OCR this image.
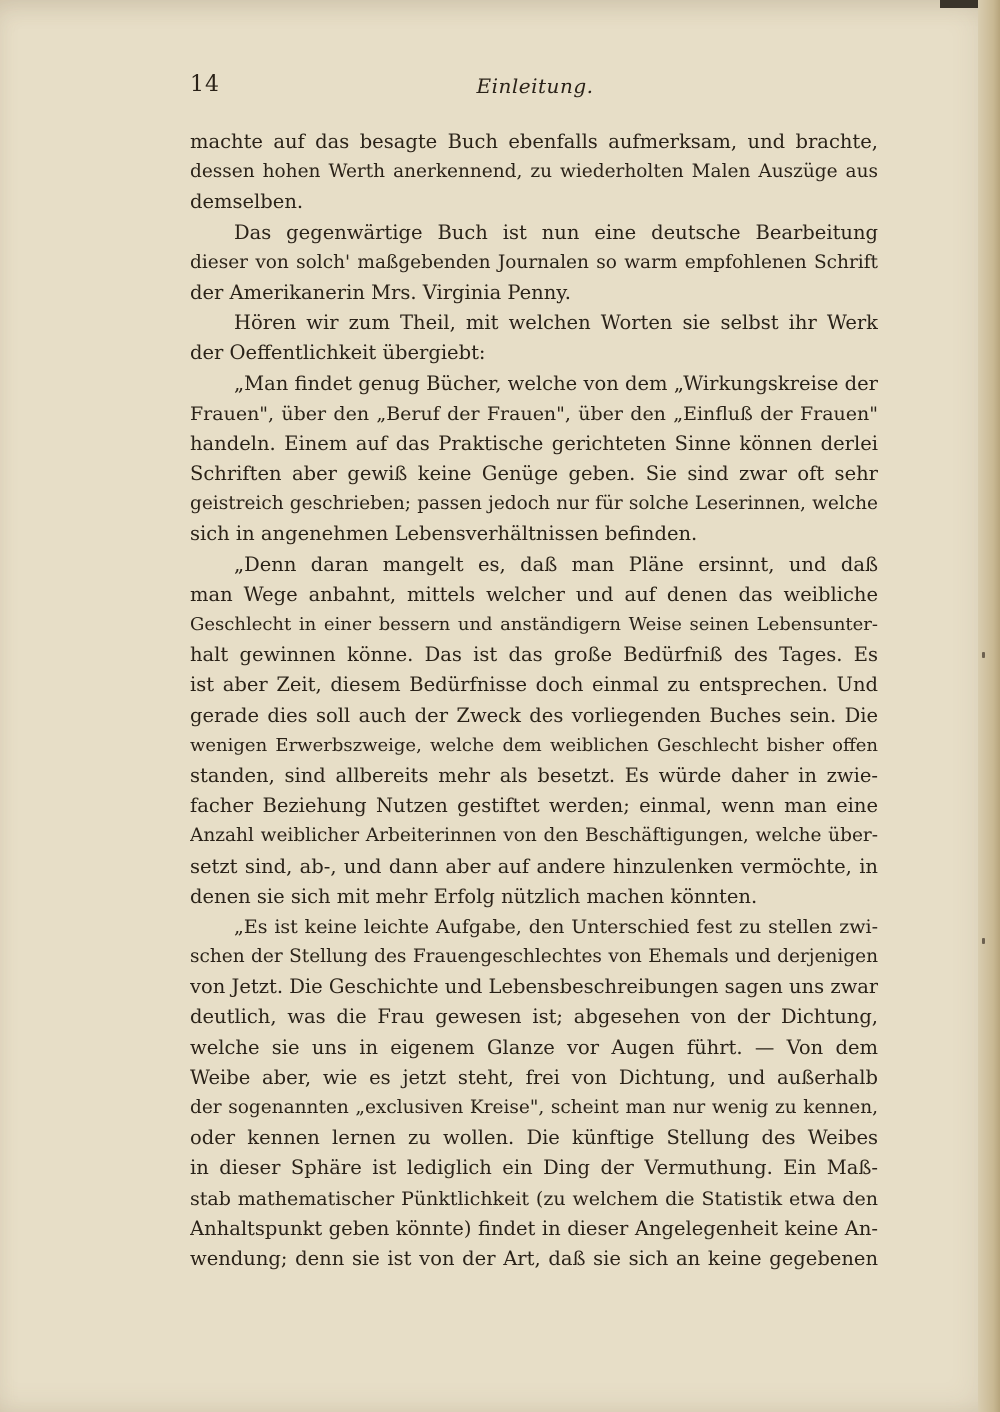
14	Einleitung.
machte auf das besagte Buch ebenfalls aufmerksam, und brachte,
dessen hohen Werth anerkennend, zu wiederholten Malen Auszüge aus
demselben.
Das gegenwärtige Buch ist nun eine deutsche Bearbeitung
dieser von solch' maßgebenden Journalen so warm empfohlenen Schrift
der Amerikanerin Mrs. Virginia Penny.
Hören wir zum Theil, mit welchen Worten sie selbst ihr Werk
der Oeffentlichkeit übergiebt:
„Man findet genug Bücher, welche von dem „Wirkungskreise der
Frauen", über den „Beruf der Frauen", über den „Einfluß der Frauen"
handeln. Einem auf das Praktische gerichteten Sinne können derlei
Schriften aber gewiß keine Genüge geben. Sie sind zwar oft sehr
geistreich geschrieben; passen jedoch nur für solche Leserinnen, welche
sich in angenehmen Lebensverhältnissen befinden.
„Denn daran mangelt es, daß man Pläne ersinnt, und daß
man Wege anbahnt, mittels welcher und auf denen das weibliche
Geschlecht in einer bessern und anständigern Weise seinen Lebensunter-
halt gewinnen könne. Das ist das große Bedürfniß des Tages. Es
ist aber Zeit, diesem Bedürfnisse doch einmal zu entsprechen. Und
gerade dies soll auch der Zweck des vorliegenden Buches sein. Die
wenigen Erwerbszweige, welche dem weiblichen Geschlecht bisher offen
standen, sind allbereits mehr als besetzt. Es würde daher in zwie-
facher Beziehung Nutzen gestiftet werden; einmal, wenn man eine
Anzahl weiblicher Arbeiterinnen von den Beschäftigungen, welche über-
setzt sind, ab-, und dann aber auf andere hinzulenken vermöchte, in
denen sie sich mit mehr Erfolg nützlich machen könnten.
„Es ist keine leichte Aufgabe, den Unterschied fest zu stellen zwi-
schen der Stellung des Frauengeschlechtes von Ehemals und derjenigen
von Jetzt. Die Geschichte und Lebensbeschreibungen sagen uns zwar
deutlich, was die Frau gewesen ist; abgesehen von der Dichtung,
welche sie uns in eigenem Glanze vor Augen führt. — Von dem
Weibe aber, wie es jetzt steht, frei von Dichtung, und außerhalb
der sogenannten „exclusiven Kreise", scheint man nur wenig zu kennen,
oder kennen lernen zu wollen. Die künftige Stellung des Weibes
in dieser Sphäre ist lediglich ein Ding der Vermuthung. Ein Maß-
stab mathematischer Pünktlichkeit (zu welchem die Statistik etwa den
Anhaltspunkt geben könnte) findet in dieser Angelegenheit keine An-
wendung; denn sie ist von der Art, daß sie sich an keine gegebenen
